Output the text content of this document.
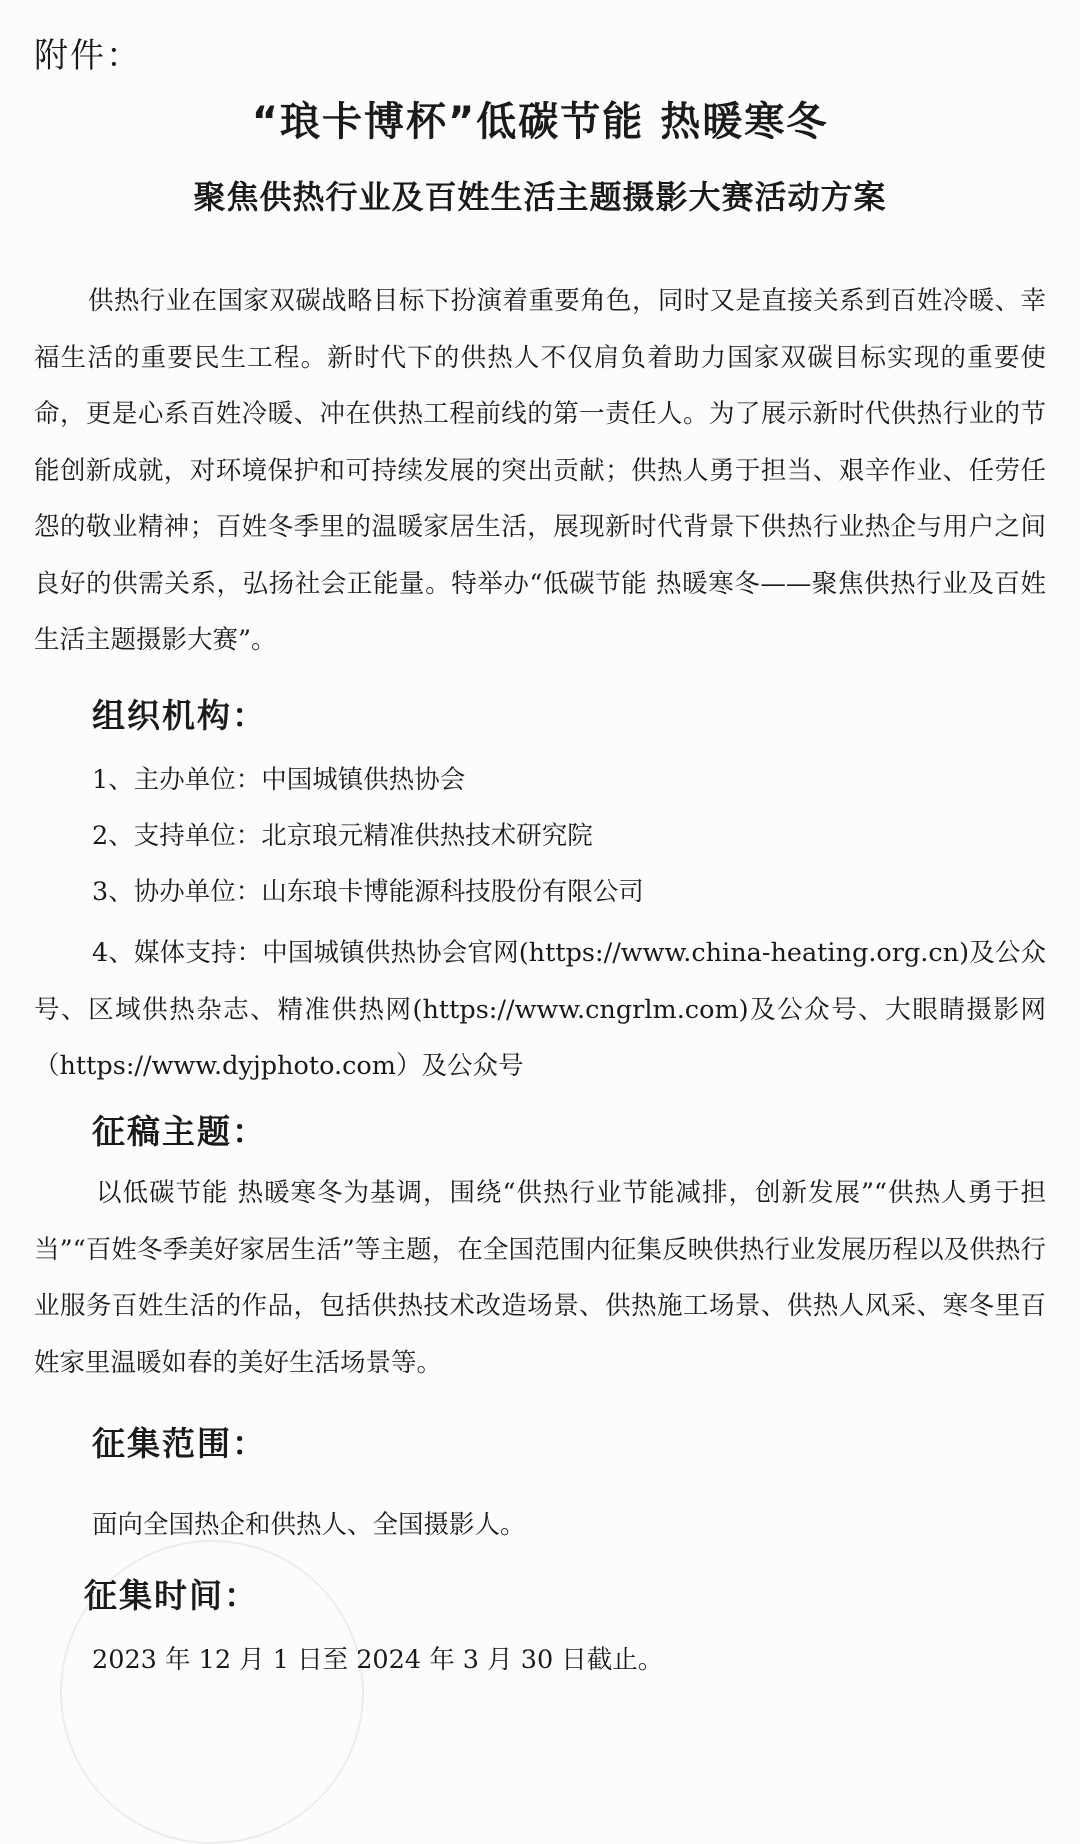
附件：
“琅卡博杯”低碳节能 热暖寒冬
聚焦供热行业及百姓生活主题摄影大赛活动方案
供热行业在国家双碳战略目标下扮演着重要角色，同时又是直接关系到百姓冷暖、幸福生活的重要民生工程。新时代下的供热人不仅肩负着助力国家双碳目标实现的重要使命，更是心系百姓冷暖、冲在供热工程前线的第一责任人。为了展示新时代供热行业的节能创新成就，对环境保护和可持续发展的突出贡献；供热人勇于担当、艰辛作业、任劳任怨的敬业精神；百姓冬季里的温暖家居生活，展现新时代背景下供热行业热企与用户之间良好的供需关系，弘扬社会正能量。特举办“低碳节能 热暖寒冬——聚焦供热行业及百姓生活主题摄影大赛”。
组织机构：
1、主办单位：中国城镇供热协会
2、支持单位：北京琅元精准供热技术研究院
3、协办单位：山东琅卡博能源科技股份有限公司
4、媒体支持：中国城镇供热协会官网(https://www.china-heating.org.cn)及公众号、区域供热杂志、精准供热网(https://www.cngrlm.com)及公众号、大眼睛摄影网（https://www.dyjphoto.com）及公众号
征稿主题：
以低碳节能 热暖寒冬为基调，围绕“供热行业节能减排，创新发展”“供热人勇于担当”“百姓冬季美好家居生活”等主题，在全国范围内征集反映供热行业发展历程以及供热行业服务百姓生活的作品，包括供热技术改造场景、供热施工场景、供热人风采、寒冬里百姓家里温暖如春的美好生活场景等。
征集范围：
面向全国热企和供热人、全国摄影人。
征集时间：
2023 年 12 月 1 日至 2024 年 3 月 30 日截止。
